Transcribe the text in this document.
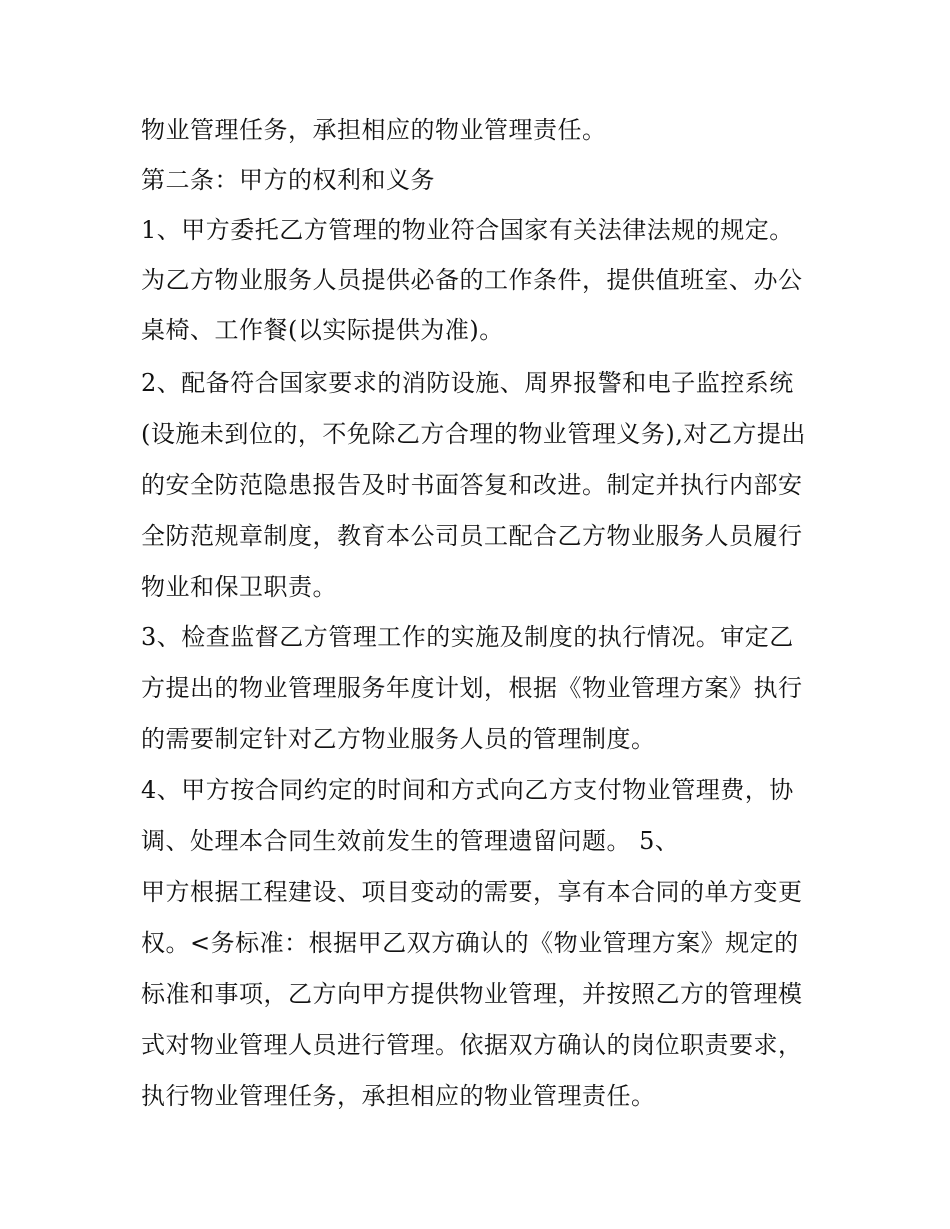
物业管理任务，承担相应的物业管理责任。
第二条：甲方的权利和义务
1、甲方委托乙方管理的物业符合国家有关法律法规的规定。
为乙方物业服务人员提供必备的工作条件，提供值班室、办公
桌椅、工作餐(以实际提供为准)。
2、配备符合国家要求的消防设施、周界报警和电子监控系统
(设施未到位的，不免除乙方合理的物业管理义务),对乙方提出
的安全防范隐患报告及时书面答复和改进。制定并执行内部安
全防范规章制度，教育本公司员工配合乙方物业服务人员履行
物业和保卫职责。
3、检查监督乙方管理工作的实施及制度的执行情况。审定乙
方提出的物业管理服务年度计划，根据《物业管理方案》执行
的需要制定针对乙方物业服务人员的管理制度。
4、甲方按合同约定的时间和方式向乙方支付物业管理费，协
调、处理本合同生效前发生的管理遗留问题。 5、
甲方根据工程建设、项目变动的需要，享有本合同的单方变更
权。<务标准：根据甲乙双方确认的《物业管理方案》规定的
标准和事项，乙方向甲方提供物业管理，并按照乙方的管理模
式对物业管理人员进行管理。依据双方确认的岗位职责要求，
执行物业管理任务，承担相应的物业管理责任。
